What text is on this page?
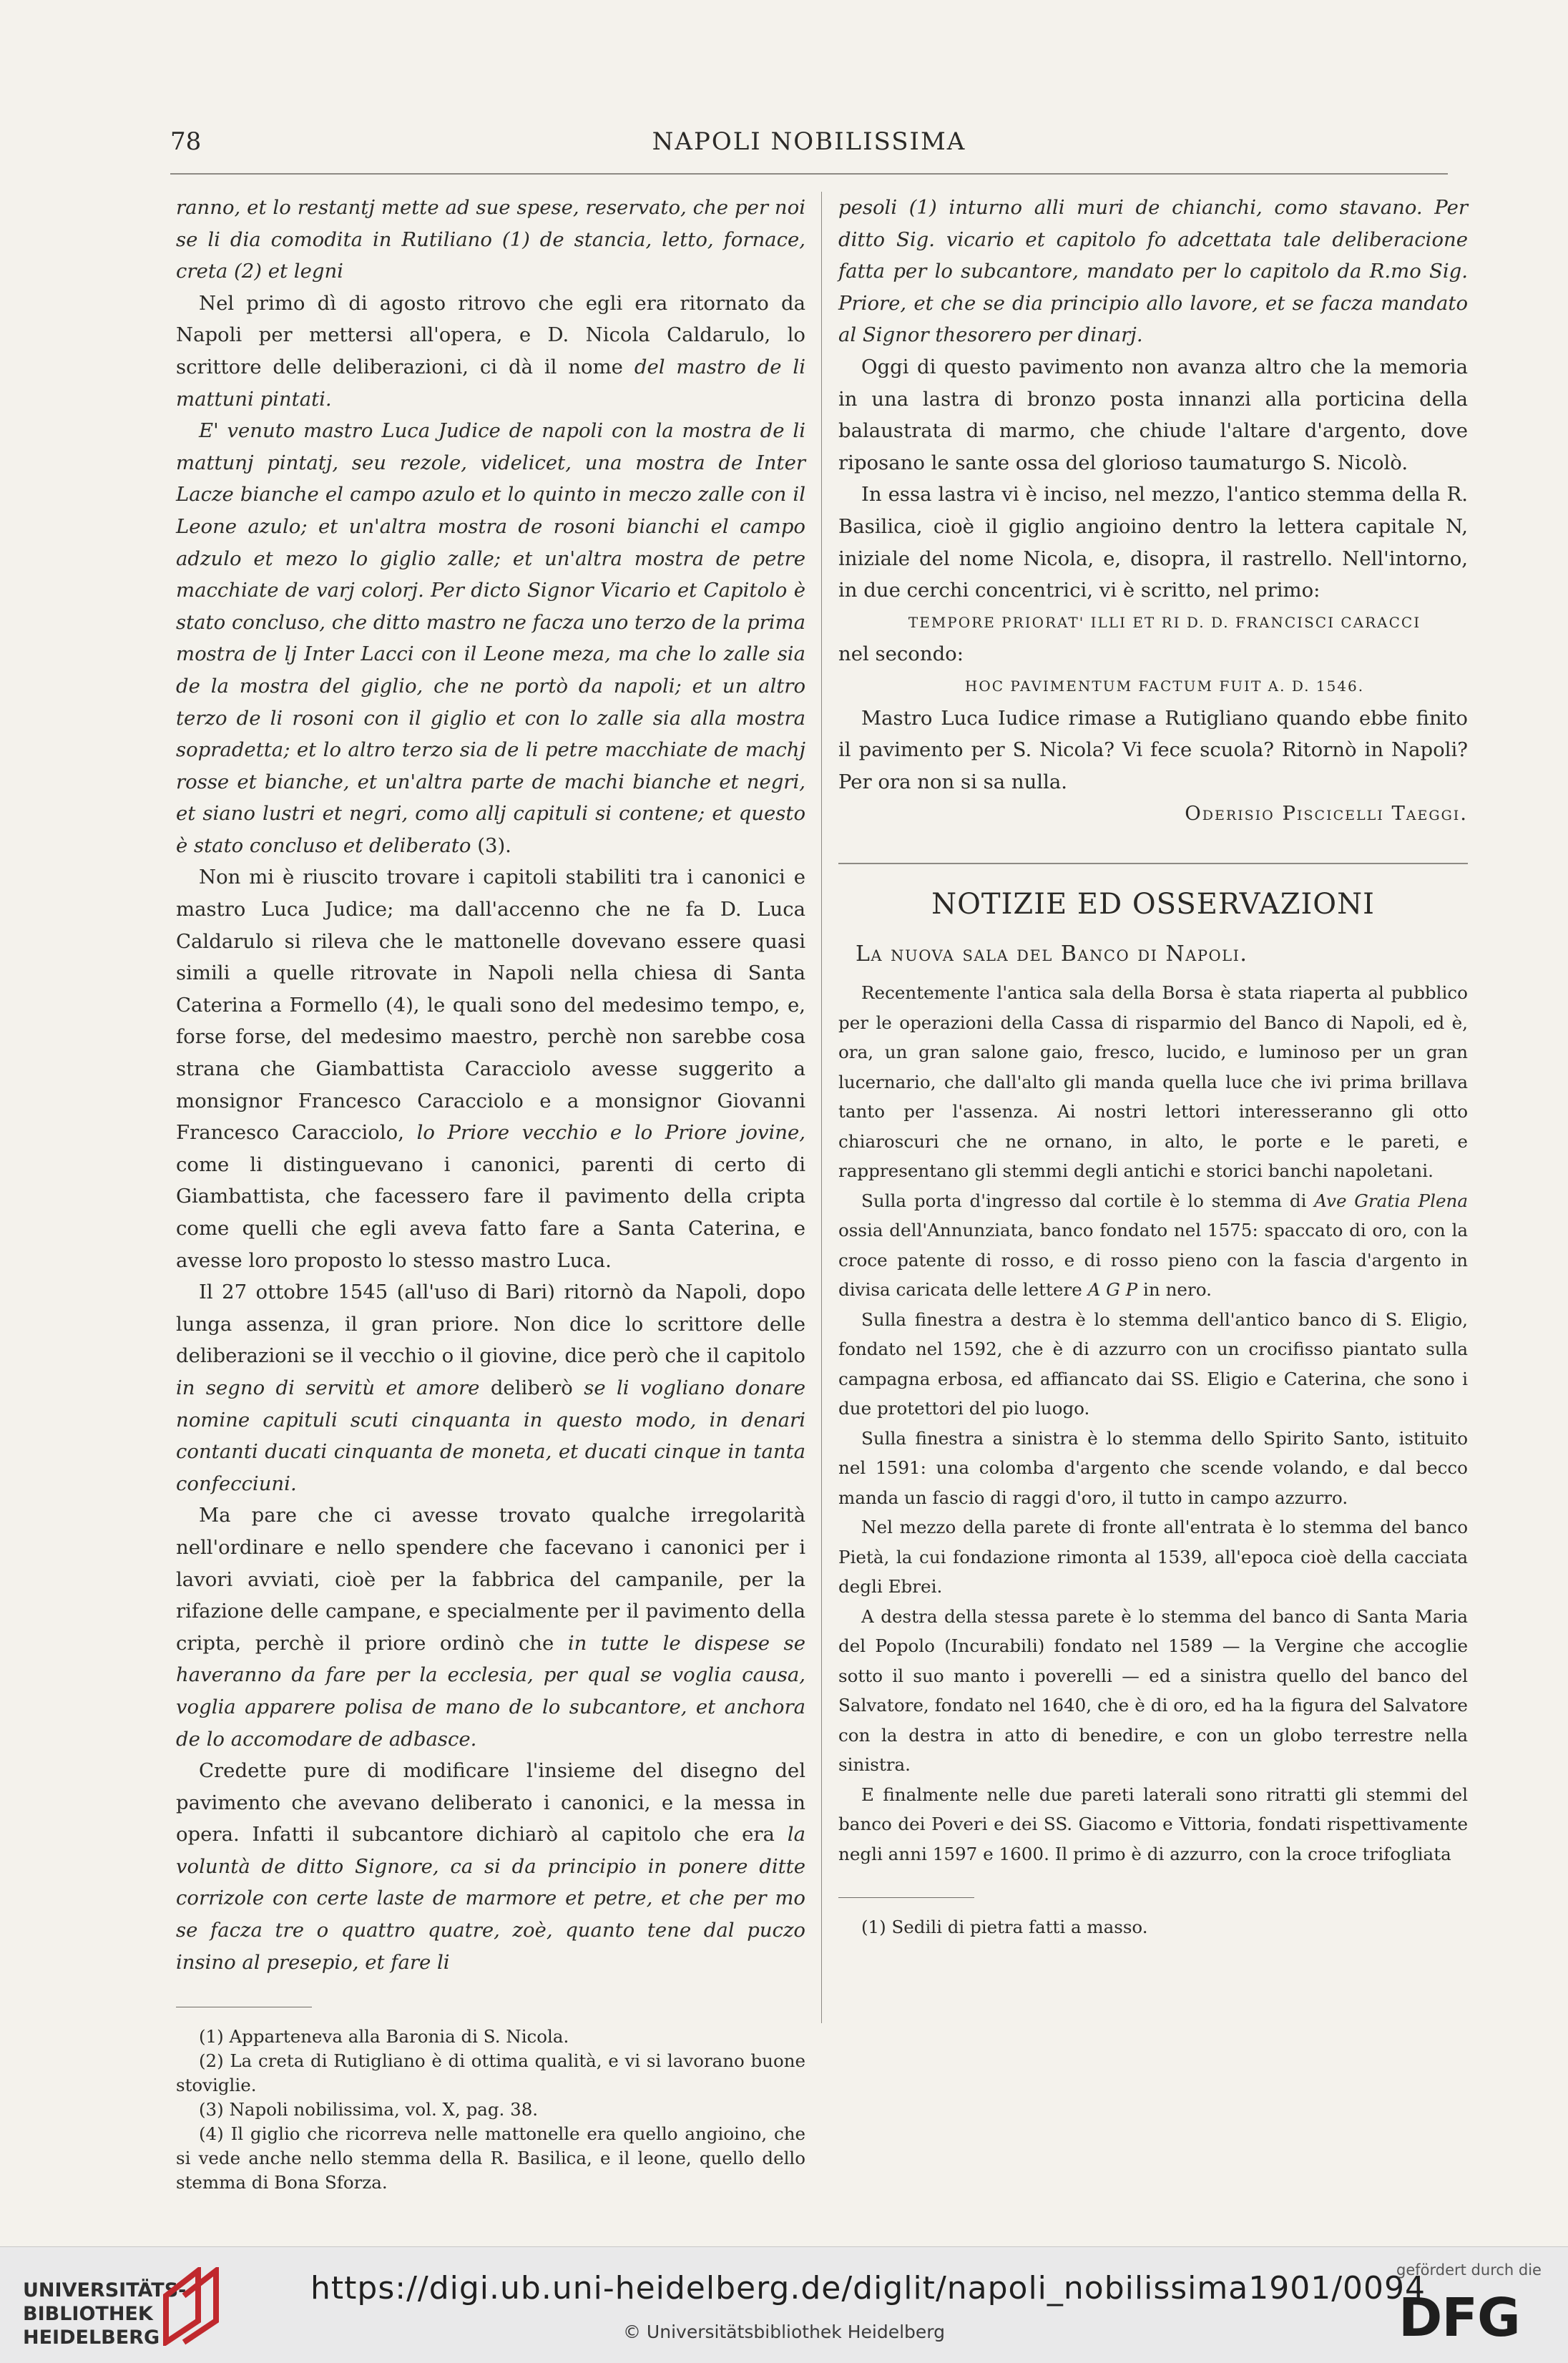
78	NAPOLI NOBILISSIMA

ranno, et lo restantj mette ad sue spese, reservato, che per noi se li dia comodita in Rutiliano (1) de stancia, letto, fornace, creta (2) et legni

Nel primo dì di agosto ritrovo che egli era ritornato da Napoli per mettersi all'opera, e D. Nicola Caldarulo, lo scrittore delle deliberazioni, ci dà il nome del mastro de li mattuni pintati.

E' venuto mastro Luca Judice de napoli con la mostra de li mattunj pintatj, seu rezole, videlicet, una mostra de Inter Lacze bianche el campo azulo et lo quinto in meczo zalle con il Leone azulo; et un'altra mostra de rosoni bianchi el campo adzulo et mezo lo giglio zalle; et un'altra mostra de petre macchiate de varj colorj. Per dicto Signor Vicario et Capitolo è stato concluso, che ditto mastro ne facza uno terzo de la prima mostra de lj Inter Lacci con il Leone meza, ma che lo zalle sia de la mostra del giglio, che ne portò da napoli; et un altro terzo de li rosoni con il giglio et con lo zalle sia alla mostra sopradetta; et lo altro terzo sia de li petre macchiate de machj rosse et bianche, et un'altra parte de machi bianche et negri, et siano lustri et negri, como allj capituli si contene; et questo è stato concluso et deliberato (3).

Non mi è riuscito trovare i capitoli stabiliti tra i canonici e mastro Luca Judice; ma dall'accenno che ne fa D. Luca Caldarulo si rileva che le mattonelle dovevano essere quasi simili a quelle ritrovate in Napoli nella chiesa di Santa Caterina a Formello (4), le quali sono del medesimo tempo, e, forse forse, del medesimo maestro, perchè non sarebbe cosa strana che Giambattista Caracciolo avesse suggerito a monsignor Francesco Caracciolo e a monsignor Giovanni Francesco Caracciolo, lo Priore vecchio e lo Priore jovine, come li distinguevano i canonici, parenti di certo di Giambattista, che facessero fare il pavimento della cripta come quelli che egli aveva fatto fare a Santa Caterina, e avesse loro proposto lo stesso mastro Luca.

Il 27 ottobre 1545 (all'uso di Bari) ritornò da Napoli, dopo lunga assenza, il gran priore. Non dice lo scrittore delle deliberazioni se il vecchio o il giovine, dice però che il capitolo in segno di servitù et amore deliberò se li vogliano donare nomine capituli scuti cinquanta in questo modo, in denari contanti ducati cinquanta de moneta, et ducati cinque in tanta confecciuni.

Ma pare che ci avesse trovato qualche irregolarità nell'ordinare e nello spendere che facevano i canonici per i lavori avviati, cioè per la fabbrica del campanile, per la rifazione delle campane, e specialmente per il pavimento della cripta, perchè il priore ordinò che in tutte le dispese se haveranno da fare per la ecclesia, per qual se voglia causa, voglia apparere polisa de mano de lo subcantore, et anchora de lo accomodare de adbasce.

Credette pure di modificare l'insieme del disegno del pavimento che avevano deliberato i canonici, e la messa in opera. Infatti il subcantore dichiarò al capitolo che era la voluntà de ditto Signore, ca si da principio in ponere ditte corrizole con certe laste de marmore et petre, et che per mo se facza tre o quattro quatre, zoè, quanto tene dal puczo insino al presepio, et fare li

(1) Apparteneva alla Baronia di S. Nicola.

(2) La creta di Rutigliano è di ottima qualità, e vi si lavorano buone stoviglie.

(3) Napoli nobilissima, vol. X, pag. 38.

(4) Il giglio che ricorreva nelle mattonelle era quello angioino, che si vede anche nello stemma della R. Basilica, e il leone, quello dello stemma di Bona Sforza.

pesoli (1) inturno alli muri de chianchi, como stavano. Per ditto Sig. vicario et capitolo fo adcettata tale deliberacione fatta per lo subcantore, mandato per lo capitolo da R.mo Sig. Priore, et che se dia principio allo lavore, et se facza mandato al Signor thesorero per dinarj.

Oggi di questo pavimento non avanza altro che la memoria in una lastra di bronzo posta innanzi alla porticina della balaustrata di marmo, che chiude l'altare d'argento, dove riposano le sante ossa del glorioso taumaturgo S. Nicolò.

In essa lastra vi è inciso, nel mezzo, l'antico stemma della R. Basilica, cioè il giglio angioino dentro la lettera capitale N, iniziale del nome Nicola, e, disopra, il rastrello. Nell'intorno, in due cerchi concentrici, vi è scritto, nel primo:

TEMPORE PRIORAT' ILLI ET RI D. D. FRANCISCI CARACCI

nel secondo:

HOC PAVIMENTUM FACTUM FUIT A. D. 1546.

Mastro Luca Iudice rimase a Rutigliano quando ebbe finito il pavimento per S. Nicola? Vi fece scuola? Ritornò in Napoli? Per ora non si sa nulla.

Oderisio Piscicelli Taeggi.

NOTIZIE ED OSSERVAZIONI
La nuova sala del Banco di Napoli.

Recentemente l'antica sala della Borsa è stata riaperta al pubblico per le operazioni della Cassa di risparmio del Banco di Napoli, ed è, ora, un gran salone gaio, fresco, lucido, e luminoso per un gran lucernario, che dall'alto gli manda quella luce che ivi prima brillava tanto per l'assenza. Ai nostri lettori interesseranno gli otto chiaroscuri che ne ornano, in alto, le porte e le pareti, e rappresentano gli stemmi degli antichi e storici banchi napoletani.

Sulla porta d'ingresso dal cortile è lo stemma di Ave Gratia Plena ossia dell'Annunziata, banco fondato nel 1575: spaccato di oro, con la croce patente di rosso, e di rosso pieno con la fascia d'argento in divisa caricata delle lettere A G P in nero.

Sulla finestra a destra è lo stemma dell'antico banco di S. Eligio, fondato nel 1592, che è di azzurro con un crocifisso piantato sulla campagna erbosa, ed affiancato dai SS. Eligio e Caterina, che sono i due protettori del pio luogo.

Sulla finestra a sinistra è lo stemma dello Spirito Santo, istituito nel 1591: una colomba d'argento che scende volando, e dal becco manda un fascio di raggi d'oro, il tutto in campo azzurro.

Nel mezzo della parete di fronte all'entrata è lo stemma del banco Pietà, la cui fondazione rimonta al 1539, all'epoca cioè della cacciata degli Ebrei.

A destra della stessa parete è lo stemma del banco di Santa Maria del Popolo (Incurabili) fondato nel 1589 — la Vergine che accoglie sotto il suo manto i poverelli — ed a sinistra quello del banco del Salvatore, fondato nel 1640, che è di oro, ed ha la figura del Salvatore con la destra in atto di benedire, e con un globo terrestre nella sinistra.

E finalmente nelle due pareti laterali sono ritratti gli stemmi del banco dei Poveri e dei SS. Giacomo e Vittoria, fondati rispettivamente negli anni 1597 e 1600. Il primo è di azzurro, con la croce trifogliata

(1) Sedili di pietra fatti a masso.

UNIVERSITÄTS-
BIBLIOTHEK
HEIDELBERG
https://digi.ub.uni-heidelberg.de/diglit/napoli_nobilissima1901/0094
© Universitätsbibliothek Heidelberg
gefördert durch die
DFG
